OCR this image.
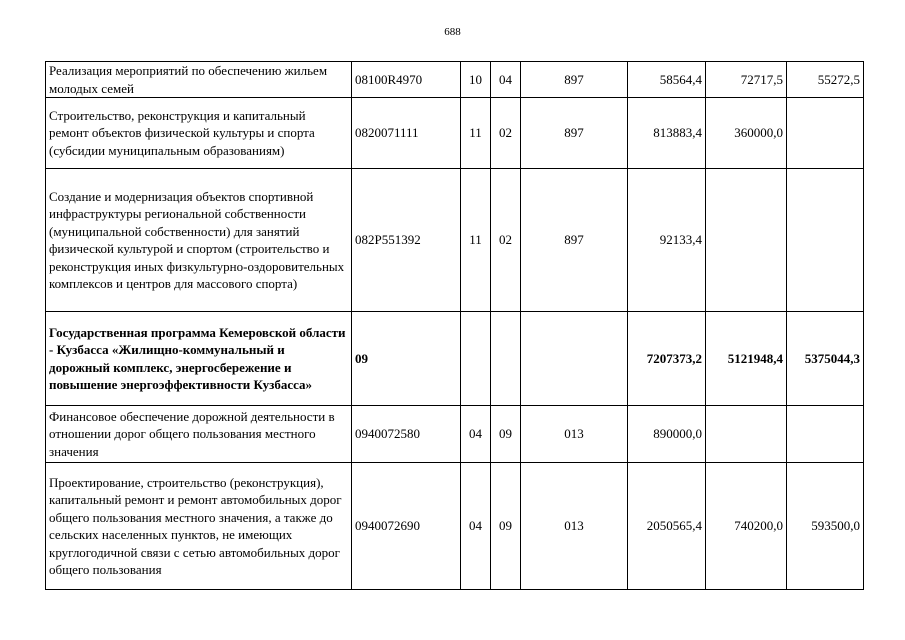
688
Реализация мероприятий по обеспечению жильем молодых семей	08100R4970	10	04	897	58564,4	72717,5	55272,5
Строительство, реконструкция и капитальный ремонт объектов физической культуры и спорта (субсидии муниципальным образованиям)	0820071111	11	02	897	813883,4	360000,0	
Создание и модернизация объектов спортивной инфраструктуры региональной собственности (муниципальной собственности) для занятий физической культурой и спортом (строительство и реконструкция иных физкультурно-оздоровительных комплексов и центров для массового спорта)	082P551392	11	02	897	92133,4		
Государственная программа Кемеровской области - Кузбасса «Жилищно-коммунальный и дорожный комплекс, энергосбережение и повышение энергоэффективности Кузбасса»	09				7207373,2	5121948,4	5375044,3
Финансовое обеспечение дорожной деятельности в отношении дорог общего пользования местного значения	0940072580	04	09	013	890000,0		
Проектирование, строительство (реконструкция), капитальный ремонт и ремонт автомобильных дорог общего пользования местного значения, а также до сельских населенных пунктов, не имеющих круглогодичной связи с сетью автомобильных дорог общего пользования	0940072690	04	09	013	2050565,4	740200,0	593500,0
